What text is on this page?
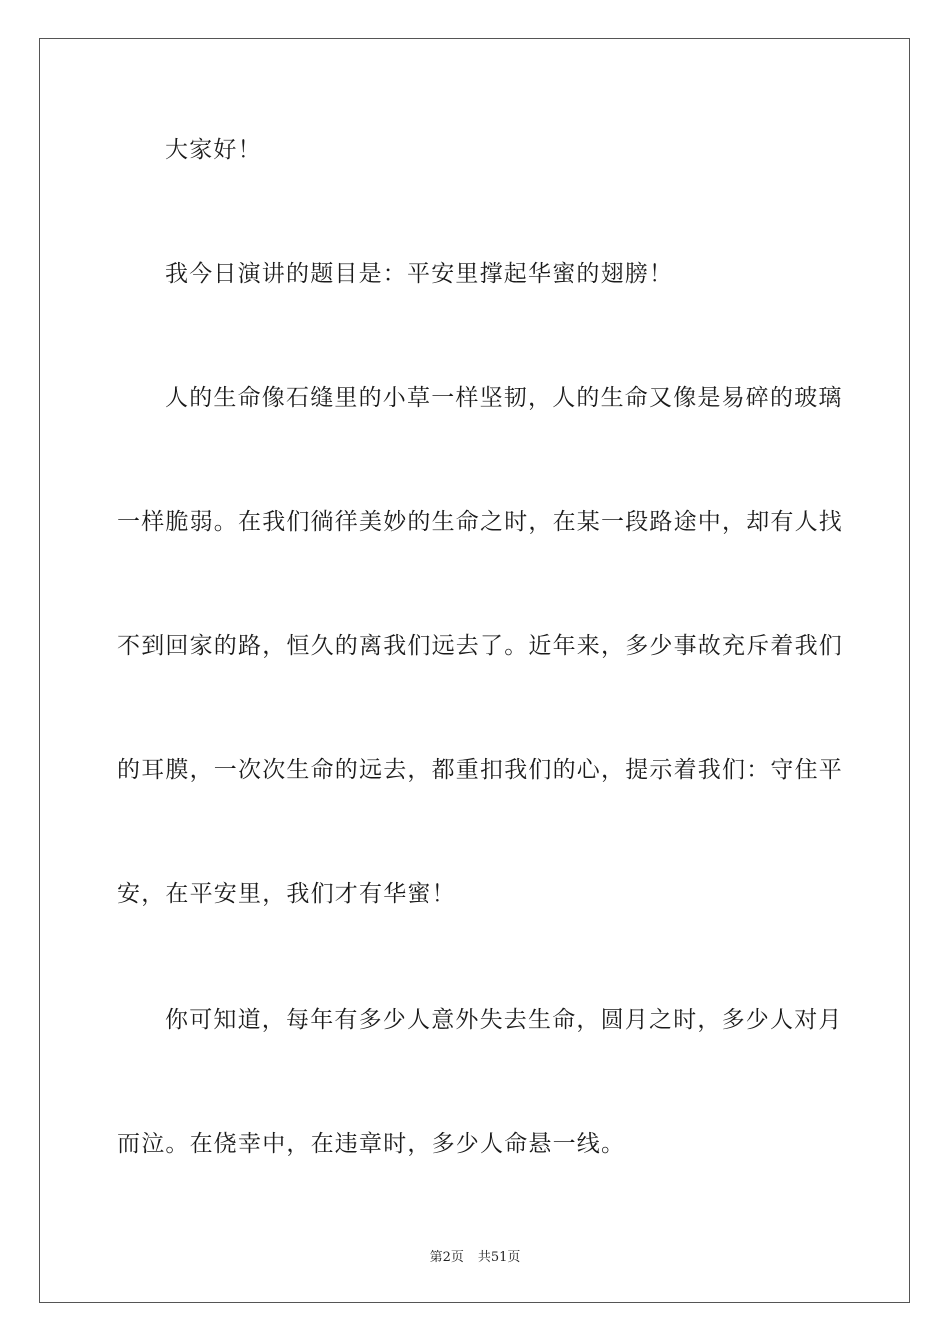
大家好！
我今日演讲的题目是：平安里撑起华蜜的翅膀！
人的生命像石缝里的小草一样坚韧，人的生命又像是易碎的玻璃
一样脆弱。在我们徜徉美妙的生命之时，在某一段路途中，却有人找
不到回家的路，恒久的离我们远去了。近年来，多少事故充斥着我们
的耳膜，一次次生命的远去，都重扣我们的心，提示着我们：守住平
安，在平安里，我们才有华蜜！
你可知道，每年有多少人意外失去生命，圆月之时，多少人对月
而泣。在侥幸中，在违章时，多少人命悬一线。
第2页 共51页
